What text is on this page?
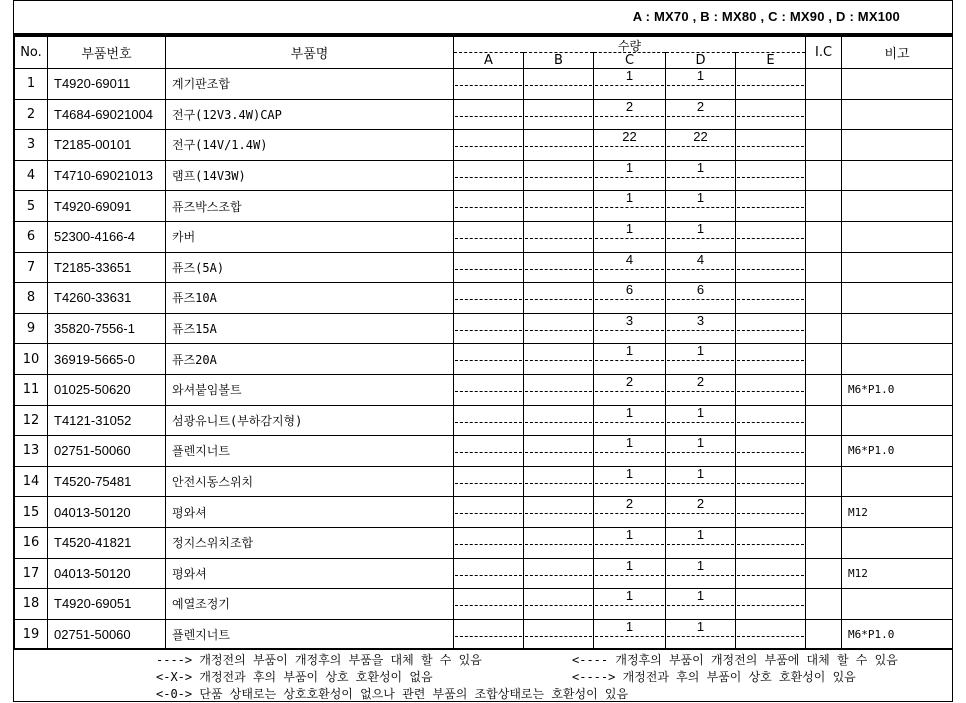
A : MX70 , B : MX80 , C : MX90 , D : MX100
No.	부품번호	부품명	수량					I.C	비고
			A	B	C	D	E		
1	T4920-69011	계기판조합			1	1			

2	T4684-69021004	전구(12V3.4W)CAP			2	2			

3	T2185-00101	전구(14V/1.4W)			22	22			

4	T4710-69021013	램프(14V3W)			1	1			

5	T4920-69091	퓨즈박스조합			1	1			

6	52300-4166-4	카버			1	1			

7	T2185-33651	퓨즈(5A)			4	4			

8	T4260-33631	퓨즈10A			6	6			

9	35820-7556-1	퓨즈15A			3	3			

10	36919-5665-0	퓨즈20A			1	1			

11	01025-50620	와셔붙임볼트			2	2			M6*P1.0
12	T4121-31052	섬광유니트(부하감지형)			1	1			

13	02751-50060	플렌지너트			1	1			M6*P1.0
14	T4520-75481	안전시동스위치			1	1			

15	04013-50120	평와셔			2	2			M12
16	T4520-41821	정지스위치조합			1	1			

17	04013-50120	평와셔			1	1			M12
18	T4920-69051	예열조정기			1	1			

19	02751-50060	플렌지너트			1	1			M6*P1.0
----> 개정전의 부품이 개정후의 부품을 대체 할 수 있음	<---- 개정후의 부품이 개정전의 부품에 대체 할 수 있음
<-X-> 개정전과 후의 부품이 상호 호환성이 없음	<----> 개정전과 후의 부품이 상호 호환성이 있음
<-0-> 단품 상태로는 상호호환성이 없으나 관련 부품의 조합상태로는 호환성이 있음
